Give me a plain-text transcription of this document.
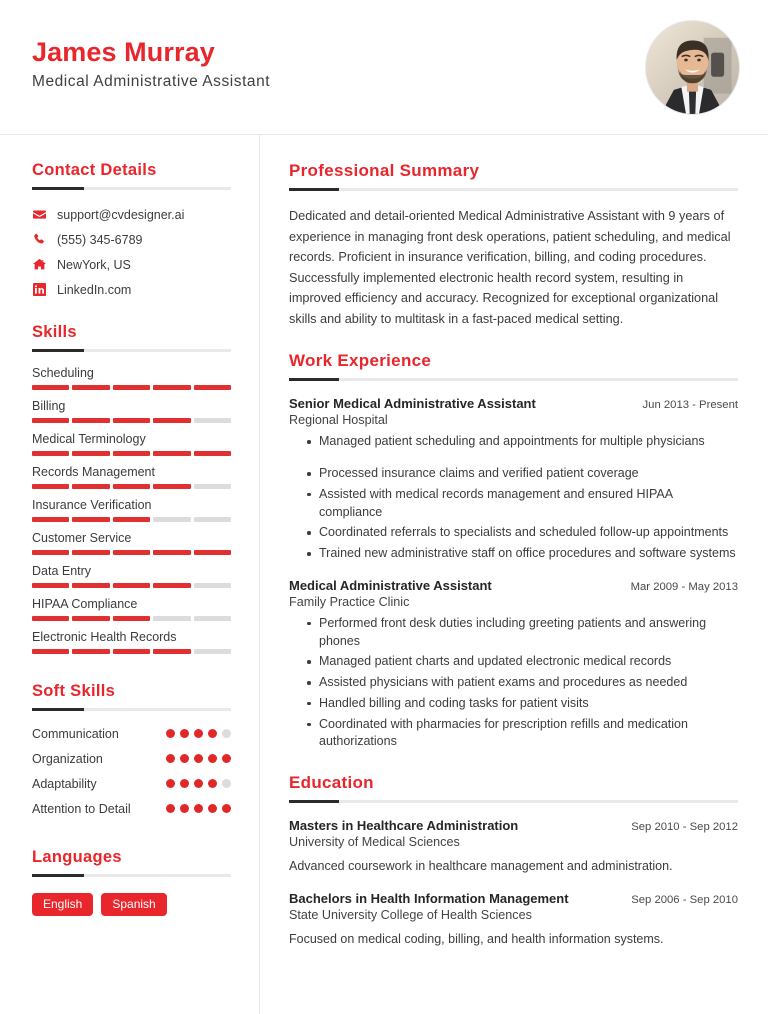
James Murray
Medical Administrative Assistant
Contact Details
support@cvdesigner.ai
(555) 345-6789
NewYork, US
LinkedIn.com
Skills
Scheduling
Billing
Medical Terminology
Records Management
Insurance Verification
Customer Service
Data Entry
HIPAA Compliance
Electronic Health Records
Soft Skills
Communication
Organization
Adaptability
Attention to Detail
Languages
English	Spanish
Professional Summary

Dedicated and detail-oriented Medical Administrative Assistant with 9 years of experience in managing front desk operations, patient scheduling, and medical records. Proficient in insurance verification, billing, and coding procedures. Successfully implemented electronic health record system, resulting in improved efficiency and accuracy. Recognized for exceptional organizational skills and ability to multitask in a fast-paced medical setting.

Work Experience
Senior Medical Administrative Assistant	Jun 2013 - Present
Regional Hospital
Managed patient scheduling and appointments for multiple physicians
Processed insurance claims and verified patient coverage
Assisted with medical records management and ensured HIPAA compliance
Coordinated referrals to specialists and scheduled follow-up appointments
Trained new administrative staff on office procedures and software systems
Medical Administrative Assistant	Mar 2009 - May 2013
Family Practice Clinic
Performed front desk duties including greeting patients and answering phones
Managed patient charts and updated electronic medical records
Assisted physicians with patient exams and procedures as needed
Handled billing and coding tasks for patient visits
Coordinated with pharmacies for prescription refills and medication authorizations
Education
Masters in Healthcare Administration	Sep 2010 - Sep 2012
University of Medical Sciences
Advanced coursework in healthcare management and administration.
Bachelors in Health Information Management	Sep 2006 - Sep 2010
State University College of Health Sciences
Focused on medical coding, billing, and health information systems.
